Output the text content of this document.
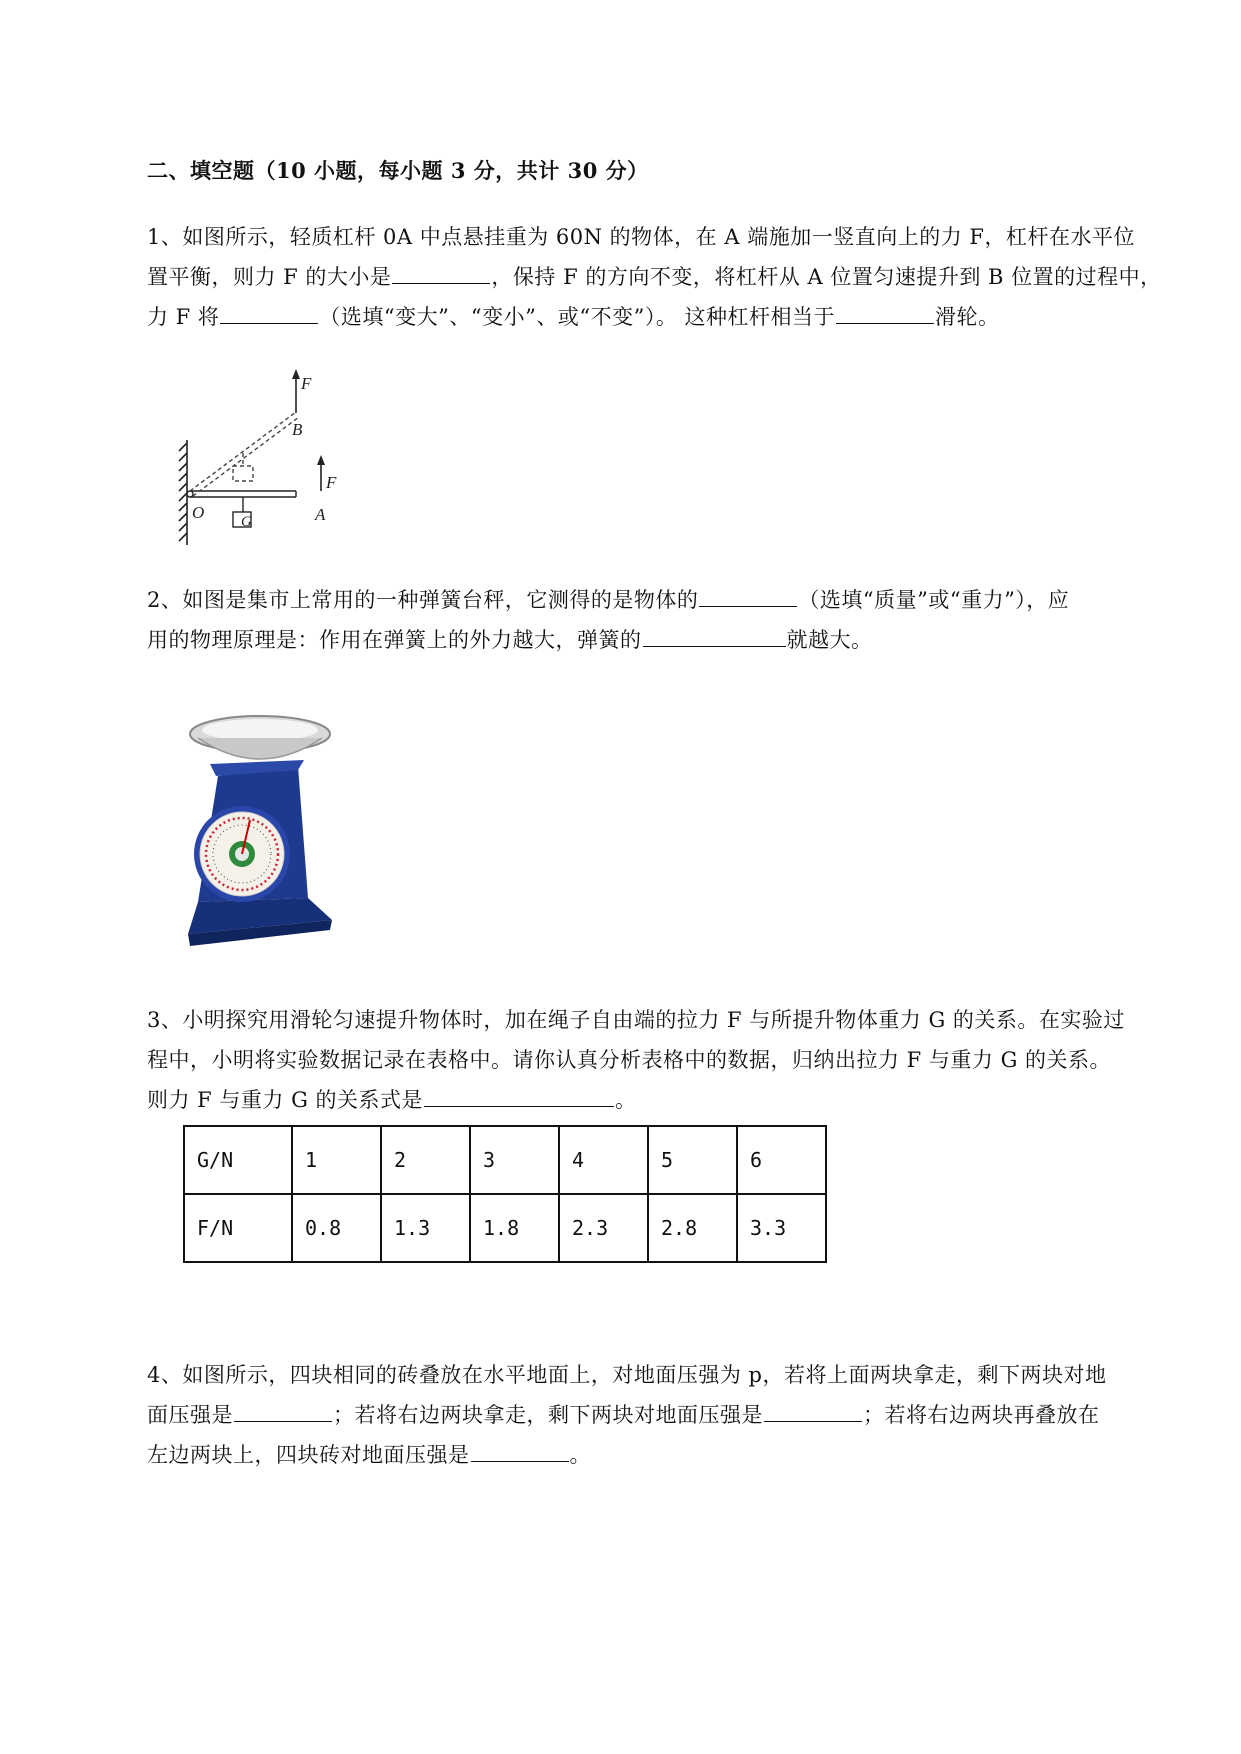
二、填空题（10 小题，每小题 3 分，共计 30 分）
1、如图所示，轻质杠杆 0A 中点悬挂重为 60N 的物体，在 A 端施加一竖直向上的力 F，杠杆在水平位
置平衡，则力 F 的大小是	，保持 F 的方向不变，将杠杆从 A 位置匀速提升到 B 位置的过程中，
力 F 将	（选填“变大”、“变小”、或“不变”）。 这种杠杆相当于	滑轮。
F
B
F
O G	A
2、如图是集市上常用的一种弹簧台秤，它测得的是物体的	（选填“质量”或“重力”），应
用的物理原理是：作用在弹簧上的外力越大，弹簧的	就越大。
3、小明探究用滑轮匀速提升物体时，加在绳子自由端的拉力 F 与所提升物体重力 G 的关系。在实验过
程中，小明将实验数据记录在表格中。请你认真分析表格中的数据，归纳出拉力 F 与重力 G 的关系。
则力 F 与重力 G 的关系式是	。
G/N	1	2	3	4	5	6
F/N	0.8	1.3	1.8	2.3	2.8	3.3
4、如图所示，四块相同的砖叠放在水平地面上，对地面压强为 p，若将上面两块拿走，剩下两块对地
面压强是	；若将右边两块拿走，剩下两块对地面压强是	；若将右边两块再叠放在
左边两块上，四块砖对地面压强是	。
